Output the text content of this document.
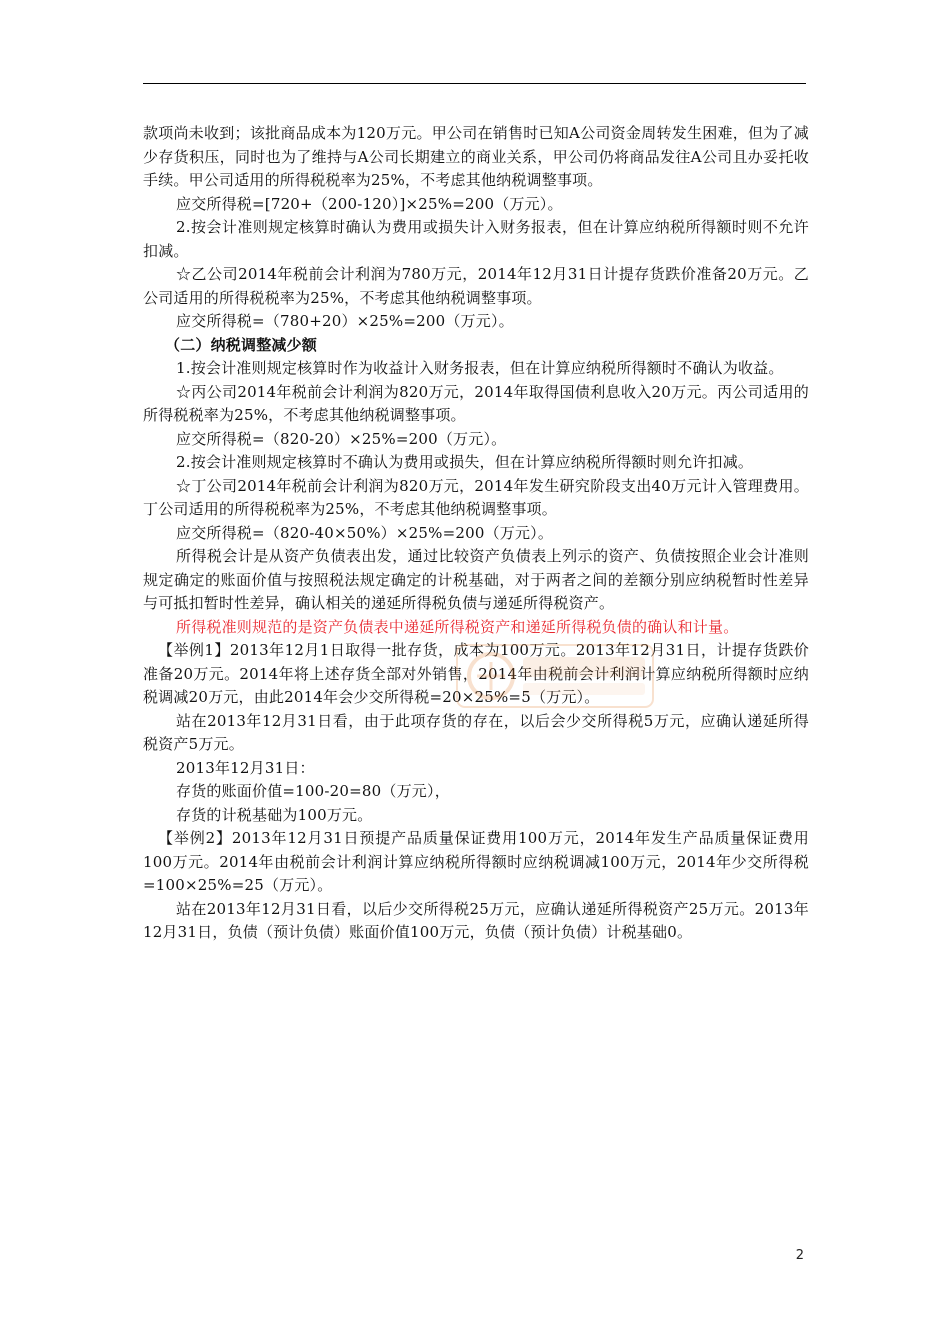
款项尚未收到；该批商品成本为120万元。甲公司在销售时已知A公司资金周转发生困难，但为了减少存货积压，同时也为了维持与A公司长期建立的商业关系，甲公司仍将商品发往A公司且办妥托收手续。甲公司适用的所得税税率为25%，不考虑其他纳税调整事项。

应交所得税=[720+（200-120）]×25%=200（万元）。

2.按会计准则规定核算时确认为费用或损失计入财务报表，但在计算应纳税所得额时则不允许扣减。

☆乙公司2014年税前会计利润为780万元，2014年12月31日计提存货跌价准备20万元。乙公司适用的所得税税率为25%，不考虑其他纳税调整事项。

应交所得税=（780+20）×25%=200（万元）。

（二）纳税调整减少额

1.按会计准则规定核算时作为收益计入财务报表，但在计算应纳税所得额时不确认为收益。

☆丙公司2014年税前会计利润为820万元，2014年取得国债利息收入20万元。丙公司适用的所得税税率为25%，不考虑其他纳税调整事项。

应交所得税=（820-20）×25%=200（万元）。

2.按会计准则规定核算时不确认为费用或损失，但在计算应纳税所得额时则允许扣减。

☆丁公司2014年税前会计利润为820万元，2014年发生研究阶段支出40万元计入管理费用。丁公司适用的所得税税率为25%，不考虑其他纳税调整事项。

应交所得税=（820-40×50%）×25%=200（万元）。

所得税会计是从资产负债表出发，通过比较资产负债表上列示的资产、负债按照企业会计准则规定确定的账面价值与按照税法规定确定的计税基础，对于两者之间的差额分别应纳税暂时性差异与可抵扣暂时性差异，确认相关的递延所得税负债与递延所得税资产。

所得税准则规范的是资产负债表中递延所得税资产和递延所得税负债的确认和计量。

【举例1】2013年12月1日取得一批存货，成本为100万元。2013年12月31日，计提存货跌价准备20万元。2014年将上述存货全部对外销售，2014年由税前会计利润计算应纳税所得额时应纳税调减20万元，由此2014年会少交所得税=20×25%=5（万元）。

站在2013年12月31日看，由于此项存货的存在，以后会少交所得税5万元，应确认递延所得税资产5万元。

2013年12月31日：

存货的账面价值=100-20=80（万元），

存货的计税基础为100万元。

【举例2】2013年12月31日预提产品质量保证费用100万元，2014年发生产品质量保证费用100万元。2014年由税前会计利润计算应纳税所得额时应纳税调减100万元，2014年少交所得税=100×25%=25（万元）。

站在2013年12月31日看，以后少交所得税25万元，应确认递延所得税资产25万元。2013年12月31日，负债（预计负债）账面价值100万元，负债（预计负债）计税基础0。

2
